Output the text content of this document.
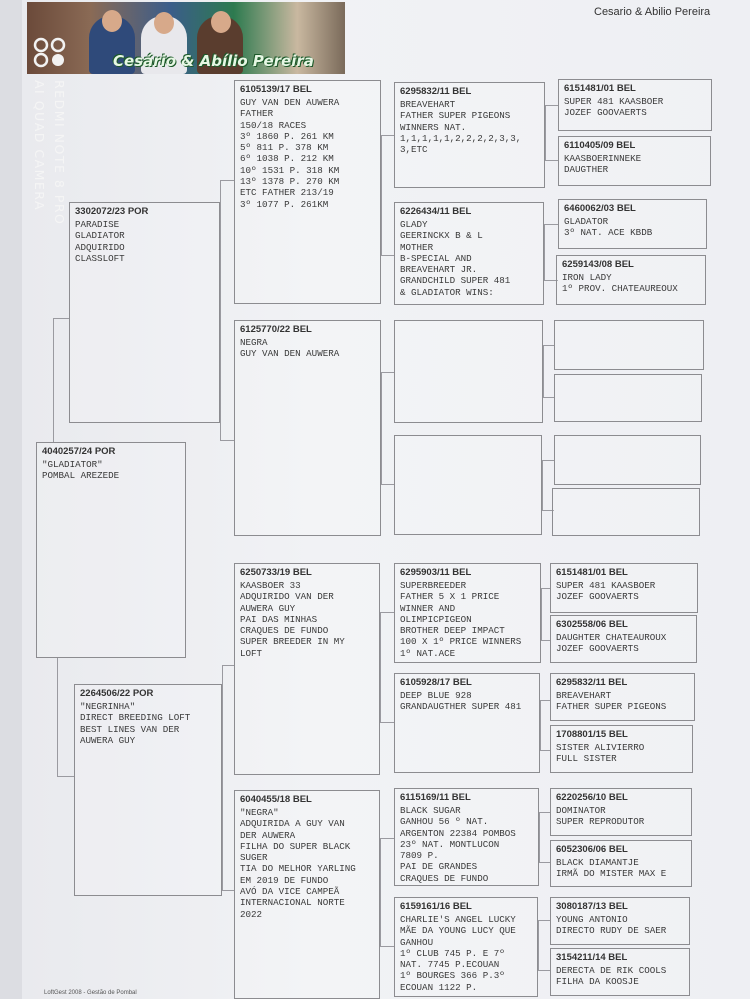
Cesário & Abílio Pereira
REDMI NOTE 8 PRO
AI QUAD CAMERA
Cesario & Abilio Pereira
4040257/24 POR
"GLADIATOR"
POMBAL AREZEDE
3302072/23 POR
PARADISE
GLADIATOR
ADQUIRIDO
CLASSLOFT
2264506/22 POR
"NEGRINHA"
DIRECT BREEDING LOFT
BEST LINES VAN DER
AUWERA GUY
6105139/17 BEL
GUY VAN DEN AUWERA
FATHER
150/18 RACES
3º 1860 P. 261 KM
5º 811 P. 378 KM
6º 1038 P. 212 KM
10º 1531 P. 318 KM
13º 1378 P. 270 KM
ETC FATHER 213/19
3º 1077 P. 261KM
6125770/22 BEL
NEGRA
GUY VAN DEN AUWERA
6250733/19 BEL
KAASBOER 33
ADQUIRIDO VAN DER
AUWERA GUY
PAI DAS MINHAS
CRAQUES DE FUNDO
SUPER BREEDER IN MY
LOFT
6040455/18 BEL
"NEGRA"
ADQUIRIDA A GUY VAN
DER AUWERA
FILHA DO SUPER BLACK
SUGER
TIA DO MELHOR YARLING
EM 2019 DE FUNDO
AVÓ DA VICE CAMPEÃ
INTERNACIONAL NORTE
2022
6295832/11 BEL
BREAVEHART
FATHER SUPER PIGEONS
WINNERS NAT.
1,1,1,1,1,2,2,2,2,3,3,
3,ETC
6226434/11 BEL
GLADY
GEERINCKX B & L
MOTHER
B-SPECIAL AND
BREAVEHART JR.
GRANDCHILD SUPER 481
& GLADIATOR WINS:
6295903/11 BEL
SUPERBREEDER
FATHER 5 X 1 PRICE
WINNER AND
OLIMPICPIGEON
BROTHER DEEP IMPACT
100 X 1º PRICE WINNERS
1º NAT.ACE
6105928/17 BEL
DEEP BLUE 928
GRANDAUGTHER SUPER 481
6115169/11 BEL
BLACK SUGAR
GANHOU 56 º NAT.
ARGENTON 22384 POMBOS
23º NAT. MONTLUCON
7809 P.
PAI DE GRANDES
CRAQUES DE FUNDO
6159161/16 BEL
CHARLIE'S ANGEL LUCKY
MÃE DA YOUNG LUCY QUE
GANHOU
1º CLUB 745 P. E 7º
NAT. 7745 P.ECOUAN
1º BOURGES 366 P.3º
ECOUAN 1122 P.
6151481/01 BEL
SUPER 481 KAASBOER
JOZEF GOOVAERTS
6110405/09 BEL
KAASBOERINNEKE
DAUGTHER
6460062/03 BEL
GLADATOR
3º NAT. ACE KBDB
6259143/08 BEL
IRON LADY
1º PROV. CHATEAUREOUX
6151481/01 BEL
SUPER 481 KAASBOER
JOZEF GOOVAERTS
6302558/06 BEL
DAUGHTER CHATEAUROUX
JOZEF GOOVAERTS
6295832/11 BEL
BREAVEHART
FATHER SUPER PIGEONS
1708801/15 BEL
SISTER ALIVIERRO
FULL SISTER
6220256/10 BEL
DOMINATOR
SUPER REPRODUTOR
6052306/06 BEL
BLACK DIAMANTJE
IRMÃ DO MISTER MAX E
3080187/13 BEL
YOUNG ANTONIO
DIRECTO RUDY DE SAER
3154211/14 BEL
DERECTA DE RIK COOLS
FILHA DA KOOSJE
LoftGest 2008 - Gestão de Pombal
